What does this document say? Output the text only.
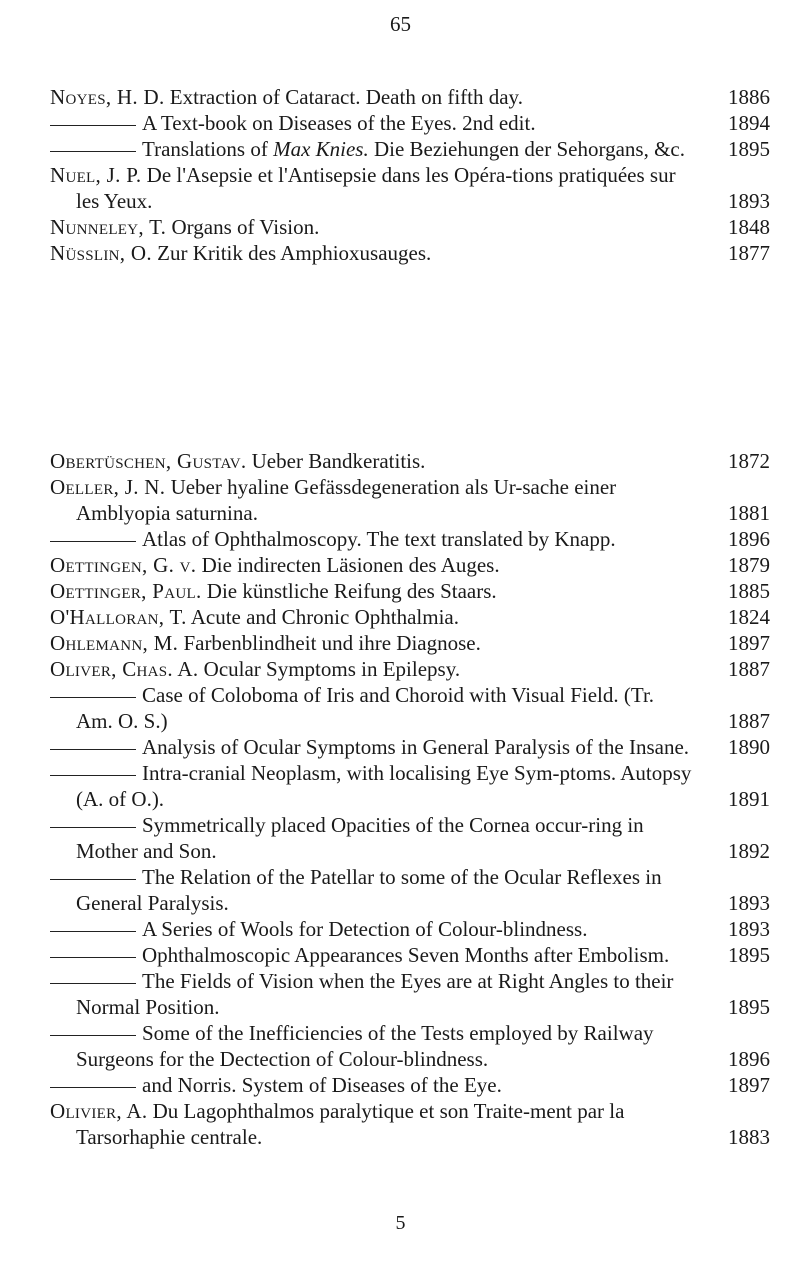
65
Noyes, H. D. Extraction of Cataract. Death on fifth day.	1886
A Text-book on Diseases of the Eyes. 2nd edit.	1894
Translations of Max Knies. Die Beziehungen der Sehorgans, &c.	1895
Nuel, J. P. De l'Asepsie et l'Antisepsie dans les Opéra-tions pratiquées sur les Yeux.	1893
Nunneley, T. Organs of Vision.	1848
Nüsslin, O. Zur Kritik des Amphioxusauges.	1877
Obertüschen, Gustav. Ueber Bandkeratitis.	1872
Oeller, J. N. Ueber hyaline Gefässdegeneration als Ur-sache einer Amblyopia saturnina.	1881
Atlas of Ophthalmoscopy. The text translated by Knapp.	1896
Oettingen, G. v. Die indirecten Läsionen des Auges.	1879
Oettinger, Paul. Die künstliche Reifung des Staars.	1885
O'Halloran, T. Acute and Chronic Ophthalmia.	1824
Ohlemann, M. Farbenblindheit und ihre Diagnose.	1897
Oliver, Chas. A. Ocular Symptoms in Epilepsy.	1887
Case of Coloboma of Iris and Choroid with Visual Field. (Tr. Am. O. S.)	1887
Analysis of Ocular Symptoms in General Paralysis of the Insane.	1890
Intra-cranial Neoplasm, with localising Eye Sym-ptoms. Autopsy (A. of O.).	1891
Symmetrically placed Opacities of the Cornea occur-ring in Mother and Son.	1892
The Relation of the Patellar to some of the Ocular Reflexes in General Paralysis.	1893
A Series of Wools for Detection of Colour-blindness.	1893
Ophthalmoscopic Appearances Seven Months after Embolism.	1895
The Fields of Vision when the Eyes are at Right Angles to their Normal Position.	1895
Some of the Inefficiencies of the Tests employed by Railway Surgeons for the Dectection of Colour-blindness.	1896
and Norris. System of Diseases of the Eye.	1897
Olivier, A. Du Lagophthalmos paralytique et son Traite-ment par la Tarsorhaphie centrale.	1883
5
